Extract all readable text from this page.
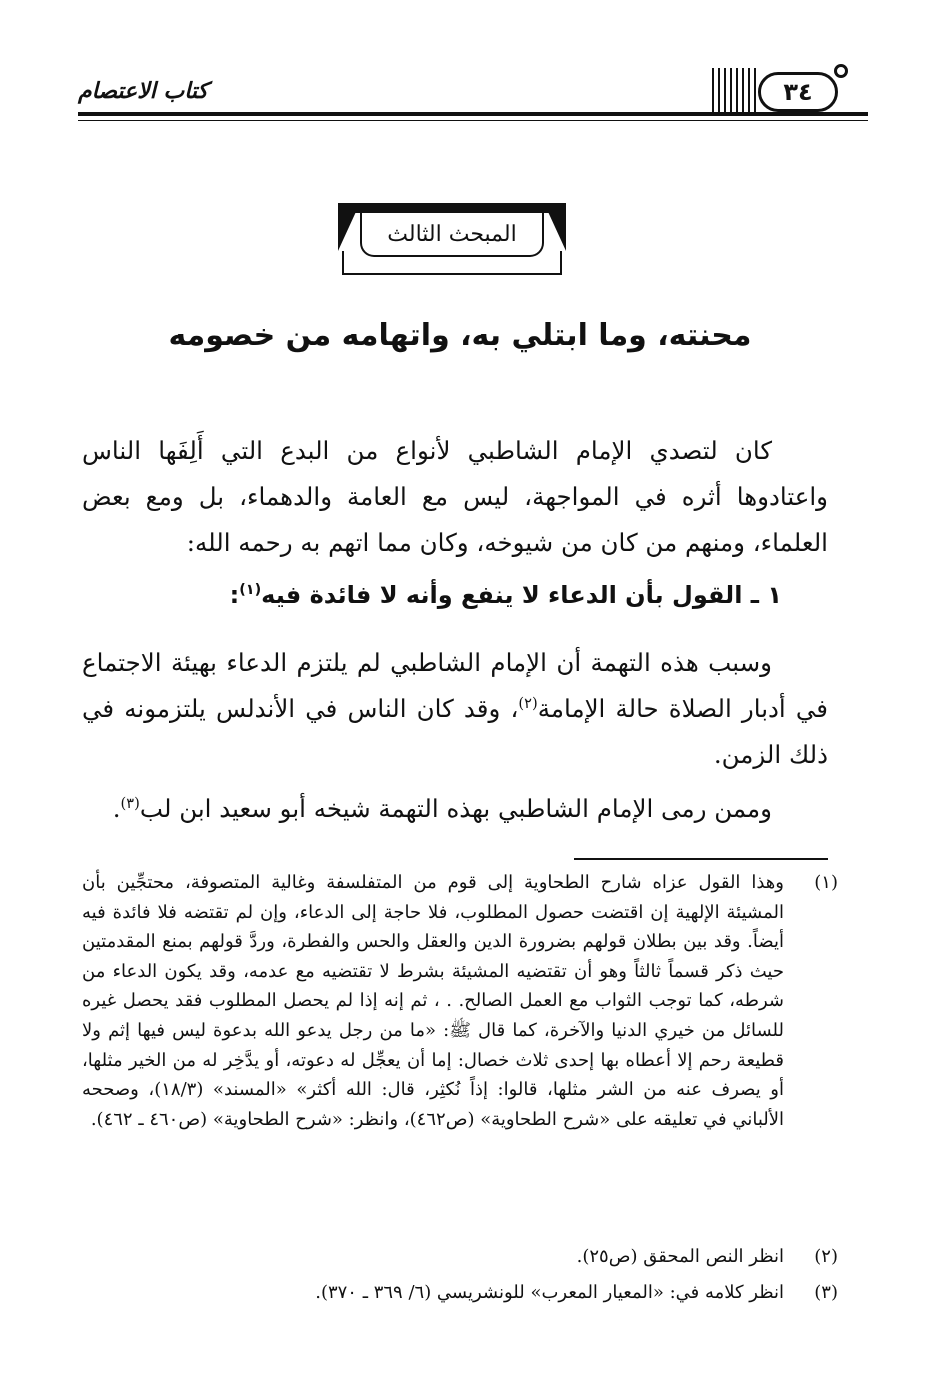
كتاب الاعتصام	٣٤
المبحث الثالث
محنته، وما ابتلي به، واتهامه من خصومه
كان لتصدي الإمام الشاطبي لأنواع من البدع التي أَلِفَها الناس واعتادوها أثره في المواجهة، ليس مع العامة والدهماء، بل ومع بعض العلماء، ومنهم من كان من شيوخه، وكان مما اتهم به رحمه الله:
١ ـ القول بأن الدعاء لا ينفع وأنه لا فائدة فيه$^{(١)}$:
وسبب هذه التهمة أن الإمام الشاطبي لم يلتزم الدعاء بهيئة الاجتماع في أدبار الصلاة حالة الإمامة$^{(٢)}$، وقد كان الناس في الأندلس يلتزمونه في ذلك الزمن.
وممن رمى الإمام الشاطبي بهذه التهمة شيخه أبو سعيد ابن لب$^{(٣)}$.
(١)
وهذا القول عزاه شارح الطحاوية إلى قوم من المتفلسفة وغالية المتصوفة، محتجِّين بأن المشيئة الإلهية إن اقتضت حصول المطلوب، فلا حاجة إلى الدعاء، وإن لم تقتضه فلا فائدة فيه أيضاً. وقد بين بطلان قولهم بضرورة الدين والعقل والحس والفطرة، وردَّ قولهم بمنع المقدمتين حيث ذكر قسماً ثالثاً وهو أن تقتضيه المشيئة بشرط لا تقتضيه مع عدمه، وقد يكون الدعاء من شرطه، كما توجب الثواب مع العمل الصالح. . ، ثم إنه إذا لم يحصل المطلوب فقد يحصل غيره للسائل من خيري الدنيا والآخرة، كما قال ﷺ: «ما من رجل يدعو الله بدعوة ليس فيها إثم ولا قطيعة رحم إلا أعطاه بها إحدى ثلاث خصال: إما أن يعجِّل له دعوته، أو يدَّخِر له من الخير مثلها، أو يصرف عنه من الشر مثلها، قالوا: إذاً نُكثِر، قال: الله أكثر» «المسند» (١٨/٣)، وصححه الألباني في تعليقه على «شرح الطحاوية» (ص٤٦٢)، وانظر: «شرح الطحاوية» (ص٤٦٠ ـ ٤٦٢).
(٢)
انظر النص المحقق (ص٢٥).
(٣)
انظر كلامه في: «المعيار المعرب» للونشريسي (٦/ ٣٦٩ ـ ٣٧٠).
